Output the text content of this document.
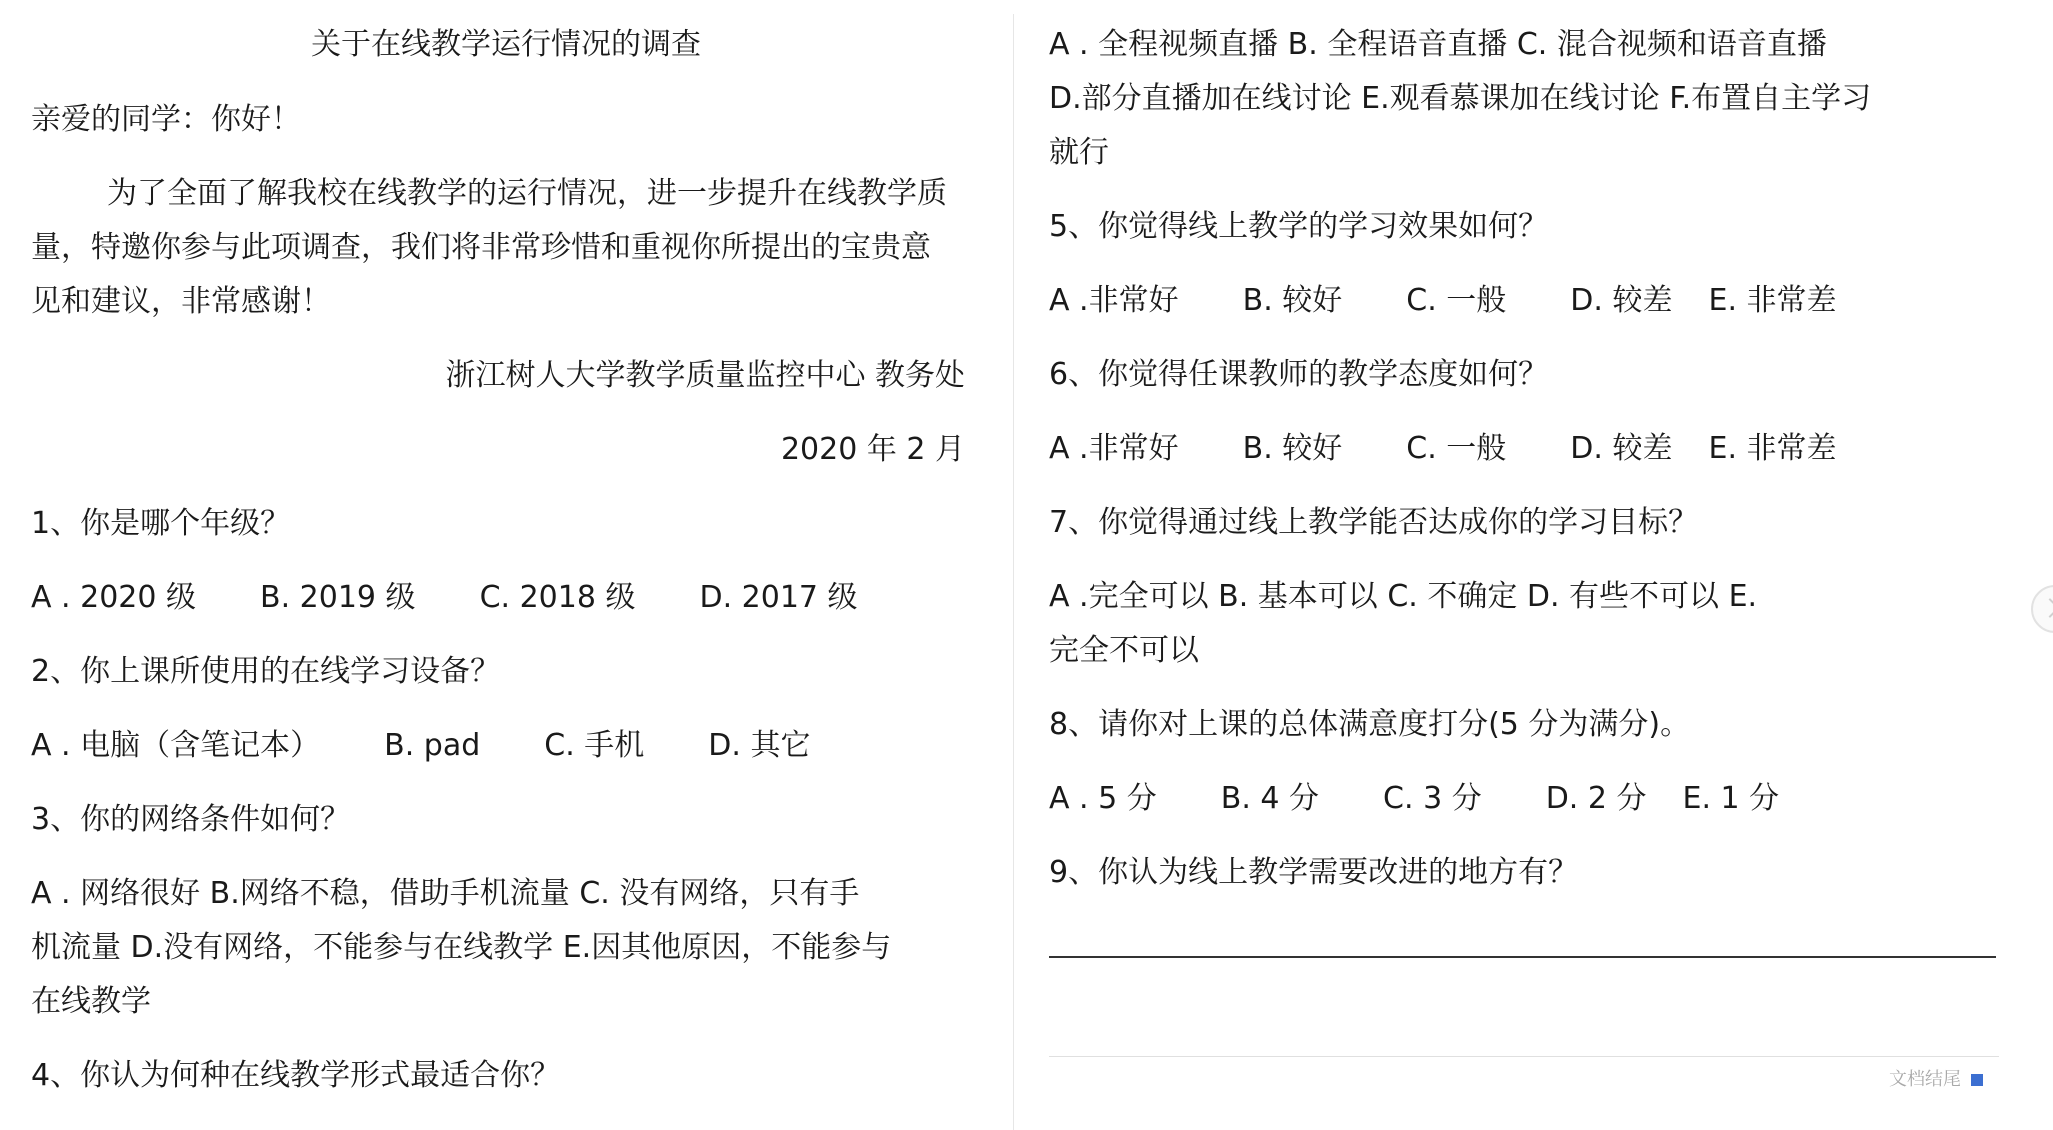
关于在线教学运行情况的调查
亲爱的同学：你好！
为了全面了解我校在线教学的运行情况，进一步提升在线教学质
量，特邀你参与此项调查，我们将非常珍惜和重视你所提出的宝贵意
见和建议，非常感谢！
浙江树人大学教学质量监控中心 教务处
2020 年 2 月
1、你是哪个年级？
A . 2020 级 B. 2019 级 C. 2018 级 D. 2017 级
2、你上课所使用的在线学习设备？
A . 电脑（含笔记本） B. pad C. 手机 D. 其它
3、你的网络条件如何？
A . 网络很好 B.网络不稳，借助手机流量 C. 没有网络，只有手
机流量 D.没有网络，不能参与在线教学 E.因其他原因，不能参与
在线教学
4、你认为何种在线教学形式最适合你？
A . 全程视频直播 B. 全程语音直播 C. 混合视频和语音直播
D.部分直播加在线讨论 E.观看慕课加在线讨论 F.布置自主学习
就行
5、你觉得线上教学的学习效果如何？
A .非常好 B. 较好 C. 一般 D. 较差 E. 非常差
6、你觉得任课教师的教学态度如何？
A .非常好 B. 较好 C. 一般 D. 较差 E. 非常差
7、你觉得通过线上教学能否达成你的学习目标？
A .完全可以 B. 基本可以 C. 不确定 D. 有些不可以 E.
完全不可以
8、请你对上课的总体满意度打分(5 分为满分)。
A . 5 分 B. 4 分 C. 3 分 D. 2 分 E. 1 分
9、你认为线上教学需要改进的地方有？
文档结尾
